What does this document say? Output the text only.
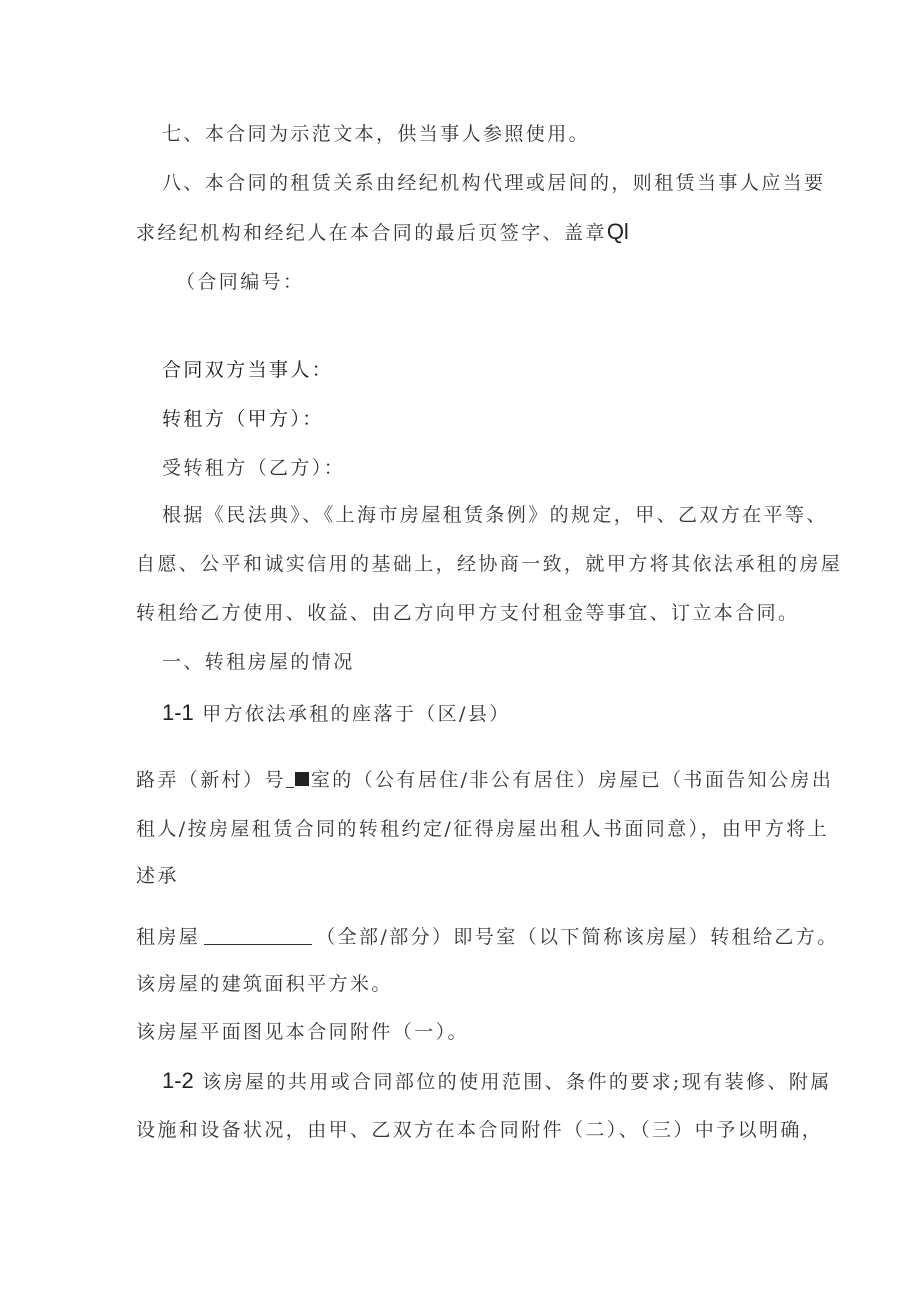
七、本合同为示范文本，供当事人参照使用。
八、本合同的租赁关系由经纪机构代理或居间的，则租赁当事人应当要
求经纪机构和经纪人在本合同的最后页签字、盖章Ql
（合同编号：
合同双方当事人：
转租方（甲方）：
受转租方（乙方）：
根据《民法典》、《上海市房屋租赁条例》的规定，甲、乙双方在平等、
自愿、公平和诚实信用的基础上，经协商一致，就甲方将其依法承租的房屋
转租给乙方使用、收益、由乙方向甲方支付租金等事宜、订立本合同。
一、转租房屋的情况
1-1 甲方依法承租的座落于（区/县）
路弄（新村）号 室的（公有居住/非公有居住）房屋已（书面告知公房出
租人/按房屋租赁合同的转租约定/征得房屋出租人书面同意），由甲方将上
述承
租房屋	（全部/部分）即号室（以下简称该房屋）转租给乙方。
该房屋的建筑面积平方米。
该房屋平面图见本合同附件（一）。
1-2 该房屋的共用或合同部位的使用范围、条件的要求;现有装修、附属
设施和设备状况，由甲、乙双方在本合同附件（二）、（三）中予以明确，
